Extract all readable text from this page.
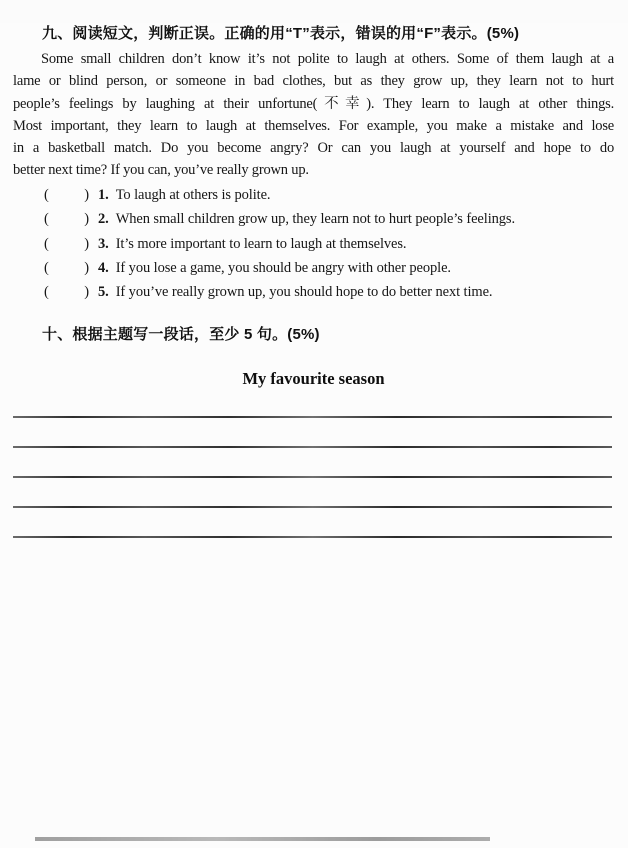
九、阅读短文，判断正误。正确的用“T”表示，错误的用“F”表示。(5%)
Some small children don’t know it’s not polite to laugh at others. Some of them laugh at a
lame or blind person, or someone in bad clothes, but as they grow up, they learn not to hurt
people’s feelings by laughing at their unfortune(不幸). They learn to laugh at other things.
Most important, they learn to laugh at themselves. For example, you make a mistake and lose
in a basketball match. Do you become angry? Or can you laugh at yourself and hope to do
better next time? If you can, you’ve really grown up.
( ) 1. To laugh at others is polite.
( ) 2. When small children grow up, they learn not to hurt people’s feelings.
( ) 3. It’s more important to learn to laugh at themselves.
( ) 4. If you lose a game, you should be angry with other people.
( ) 5. If you’ve really grown up, you should hope to do better next time.
十、根据主题写一段话，至少 5 句。(5%)
My favourite season
